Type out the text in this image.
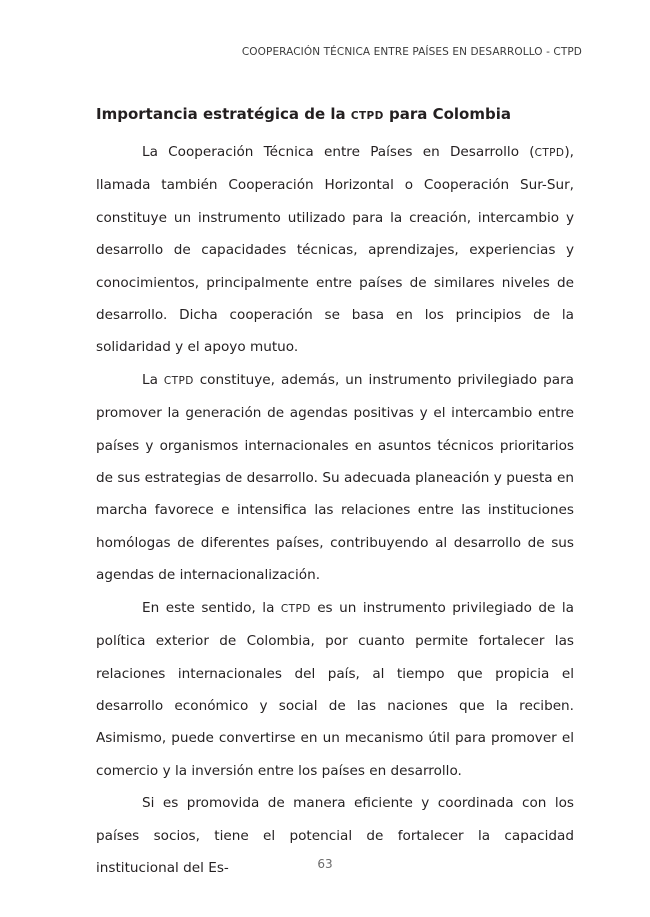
COOPERACIÓN TÉCNICA ENTRE PAÍSES EN DESARROLLO - CTPD
Importancia estratégica de la CTPD para Colombia

La Cooperación Técnica entre Países en Desarrollo (CTPD), llamada también Cooperación Horizontal o Cooperación Sur-Sur, constituye un instrumento utilizado para la creación, intercambio y desarrollo de capacidades técnicas, aprendizajes, experiencias y conocimientos, principalmente entre países de similares niveles de desarrollo. Dicha cooperación se basa en los principios de la solidaridad y el apoyo mutuo.

La CTPD constituye, además, un instrumento privilegiado para promover la generación de agendas positivas y el intercambio entre países y organismos internacionales en asuntos técnicos prioritarios de sus estrategias de desarrollo. Su adecuada planeación y puesta en marcha favorece e intensifica las relaciones entre las instituciones homólogas de diferentes países, contribuyendo al desarrollo de sus agendas de internacionalización.

En este sentido, la CTPD es un instrumento privilegiado de la política exterior de Colombia, por cuanto permite fortalecer las relaciones internacionales del país, al tiempo que propicia el desarrollo económico y social de las naciones que la reciben. Asimismo, puede convertirse en un mecanismo útil para promover el comercio y la inversión entre los países en desarrollo.

Si es promovida de manera eficiente y coordinada con los países socios, tiene el potencial de fortalecer la capacidad institucional del Es-	63
